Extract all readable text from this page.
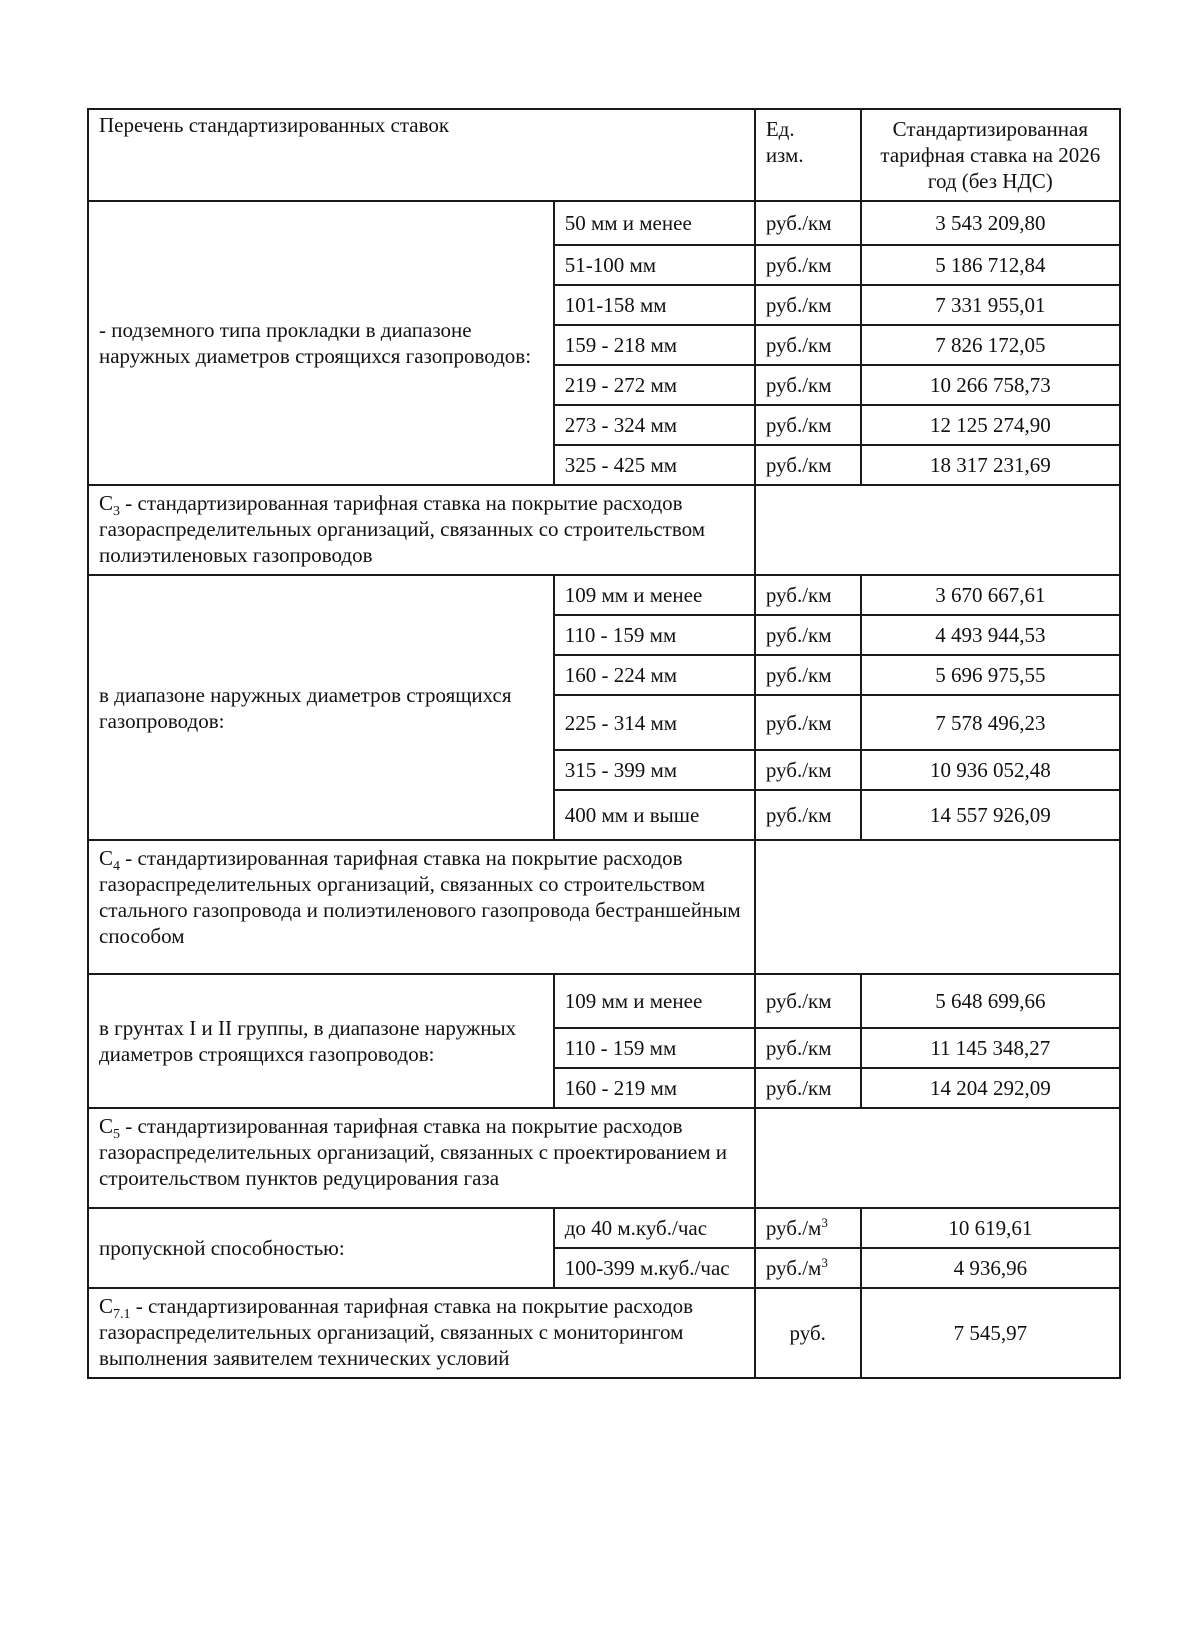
Перечень стандартизированных ставок		Ед. изм.	Стандартизированная тарифная ставка на 2026 год (без НДС)
- подземного типа прокладки в диапазоне наружных диаметров строящихся газопроводов:	50 мм и менее	руб./км	3 543 209,80
	51-100 мм	руб./км	5 186 712,84
	101-158 мм	руб./км	7 331 955,01
	159 - 218 мм	руб./км	7 826 172,05
	219 - 272 мм	руб./км	10 266 758,73
	273 - 324 мм	руб./км	12 125 274,90
	325 - 425 мм	руб./км	18 317 231,69
$С_3$ - стандартизированная тарифная ставка на покрытие расходов газораспределительных организаций, связанных со строительством полиэтиленовых газопроводов			
в диапазоне наружных диаметров строящихся газопроводов:	109 мм и менее	руб./км	3 670 667,61
	110 - 159 мм	руб./км	4 493 944,53
	160 - 224 мм	руб./км	5 696 975,55
	225 - 314 мм	руб./км	7 578 496,23
	315 - 399 мм	руб./км	10 936 052,48
	400 мм и выше	руб./км	14 557 926,09
$С_4$ - стандартизированная тарифная ставка на покрытие расходов газораспределительных организаций, связанных со строительством стального газопровода и полиэтиленового газопровода бестраншейным способом			
в грунтах I и II группы, в диапазоне наружных диаметров строящихся газопроводов:	109 мм и менее	руб./км	5 648 699,66
	110 - 159 мм	руб./км	11 145 348,27
	160 - 219 мм	руб./км	14 204 292,09
$С_5$ - стандартизированная тарифная ставка на покрытие расходов газораспределительных организаций, связанных с проектированием и строительством пунктов редуцирования газа			
пропускной способностью:	до 40 м.куб./час	$руб./м^3$	10 619,61
	100-399 м.куб./час	$руб./м^3$	4 936,96
$С_{7.1}$ - стандартизированная тарифная ставка на покрытие расходов газораспределительных организаций, связанных с мониторингом выполнения заявителем технических условий		руб.	7 545,97
